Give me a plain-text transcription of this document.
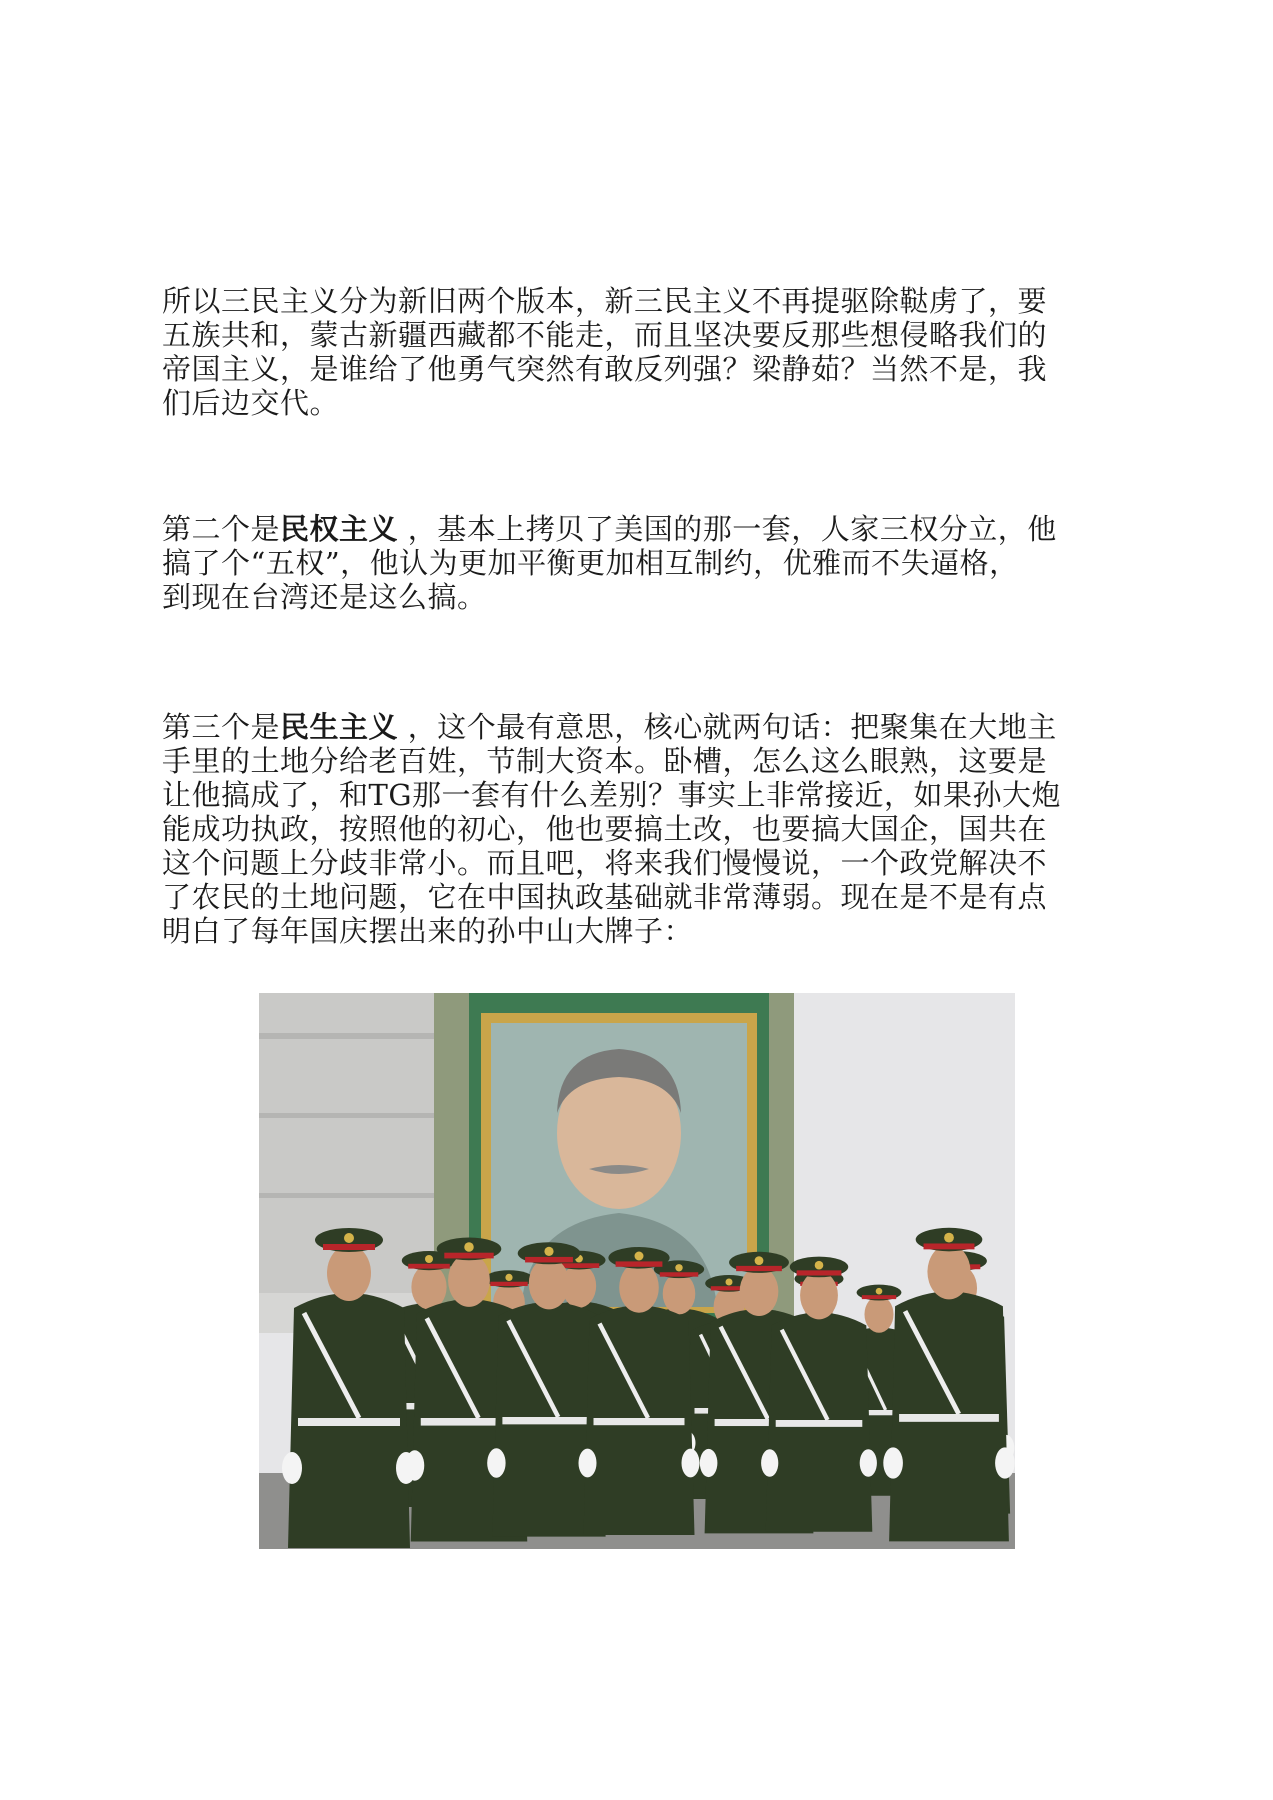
所以三民主义分为新旧两个版本，新三民主义不再提驱除鞑虏了，要
五族共和，蒙古新疆西藏都不能走，而且坚决要反那些想侵略我们的
帝国主义，是谁给了他勇气突然有敢反列强？梁静茹？当然不是，我
们后边交代。
第二个是民权主义 ，基本上拷贝了美国的那一套，人家三权分立，他
搞了个“五权”，他认为更加平衡更加相互制约，优雅而不失逼格，
到现在台湾还是这么搞。
第三个是民生主义 ，这个最有意思，核心就两句话：把聚集在大地主
手里的土地分给老百姓，节制大资本。卧槽，怎么这么眼熟，这要是
让他搞成了，和TG那一套有什么差别？事实上非常接近，如果孙大炮
能成功执政，按照他的初心，他也要搞土改，也要搞大国企，国共在
这个问题上分歧非常小。而且吧，将来我们慢慢说，一个政党解决不
了农民的土地问题，它在中国执政基础就非常薄弱。现在是不是有点
明白了每年国庆摆出来的孙中山大牌子：
